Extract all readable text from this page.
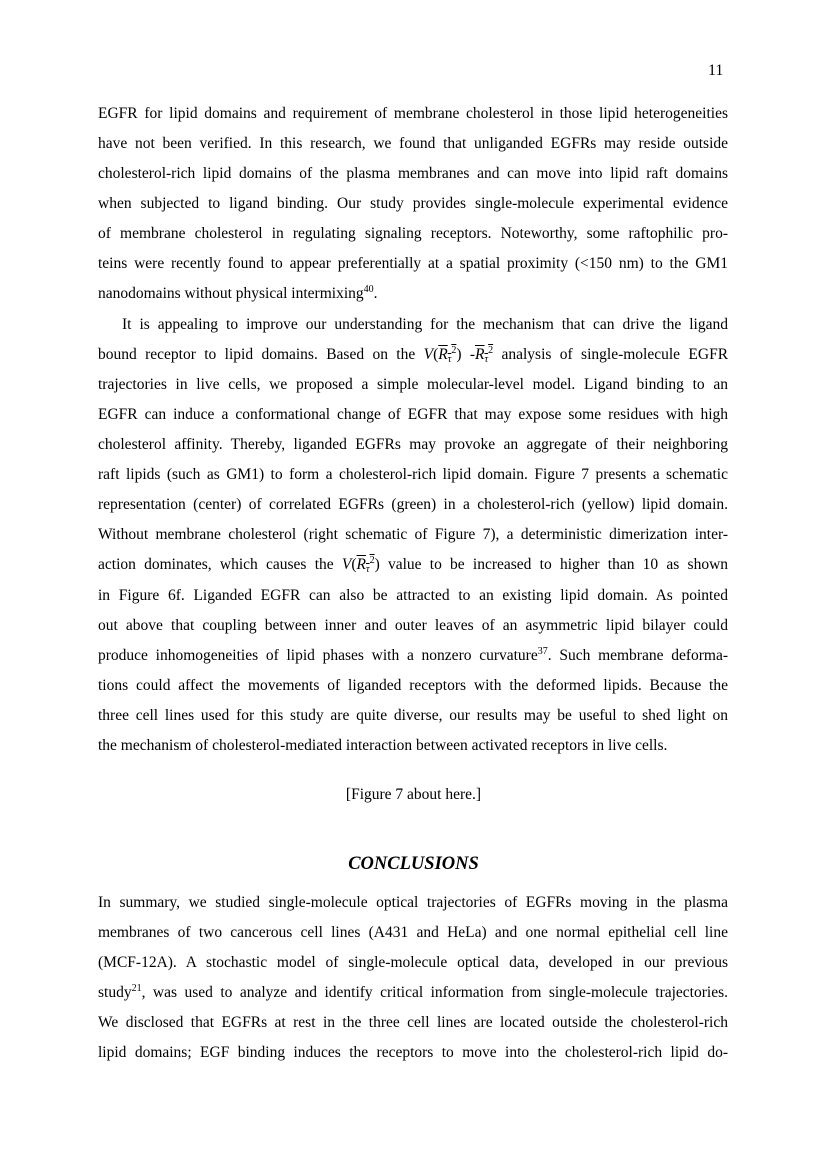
11
EGFR for lipid domains and requirement of membrane cholesterol in those lipid heterogeneities
have not been verified. In this research, we found that unliganded EGFRs may reside outside
cholesterol-rich lipid domains of the plasma membranes and can move into lipid raft domains
when subjected to ligand binding. Our study provides single-molecule experimental evidence
of membrane cholesterol in regulating signaling receptors. Noteworthy, some raftophilic pro-
teins were recently found to appear preferentially at a spatial proximity (<150 nm) to the GM1
nanodomains without physical intermixing$^{40}$.
It is appealing to improve our understanding for the mechanism that can drive the ligand
bound receptor to lipid domains. Based on the $V(R_\tau^2)$ $-R_\tau^2$ analysis of single-molecule EGFR
trajectories in live cells, we proposed a simple molecular-level model. Ligand binding to an
EGFR can induce a conformational change of EGFR that may expose some residues with high
cholesterol affinity. Thereby, liganded EGFRs may provoke an aggregate of their neighboring
raft lipids (such as GM1) to form a cholesterol-rich lipid domain. Figure 7 presents a schematic
representation (center) of correlated EGFRs (green) in a cholesterol-rich (yellow) lipid domain.
Without membrane cholesterol (right schematic of Figure 7), a deterministic dimerization inter-
action dominates, which causes the $V(R_\tau^2)$ value to be increased to higher than 10 as shown
in Figure 6f. Liganded EGFR can also be attracted to an existing lipid domain. As pointed
out above that coupling between inner and outer leaves of an asymmetric lipid bilayer could
produce inhomogeneities of lipid phases with a nonzero curvature$^{37}$. Such membrane deforma-
tions could affect the movements of liganded receptors with the deformed lipids. Because the
three cell lines used for this study are quite diverse, our results may be useful to shed light on
the mechanism of cholesterol-mediated interaction between activated receptors in live cells.
[Figure 7 about here.]
CONCLUSIONS
In summary, we studied single-molecule optical trajectories of EGFRs moving in the plasma
membranes of two cancerous cell lines (A431 and HeLa) and one normal epithelial cell line
(MCF-12A). A stochastic model of single-molecule optical data, developed in our previous
study$^{21}$, was used to analyze and identify critical information from single-molecule trajectories.
We disclosed that EGFRs at rest in the three cell lines are located outside the cholesterol-rich
lipid domains; EGF binding induces the receptors to move into the cholesterol-rich lipid do-
